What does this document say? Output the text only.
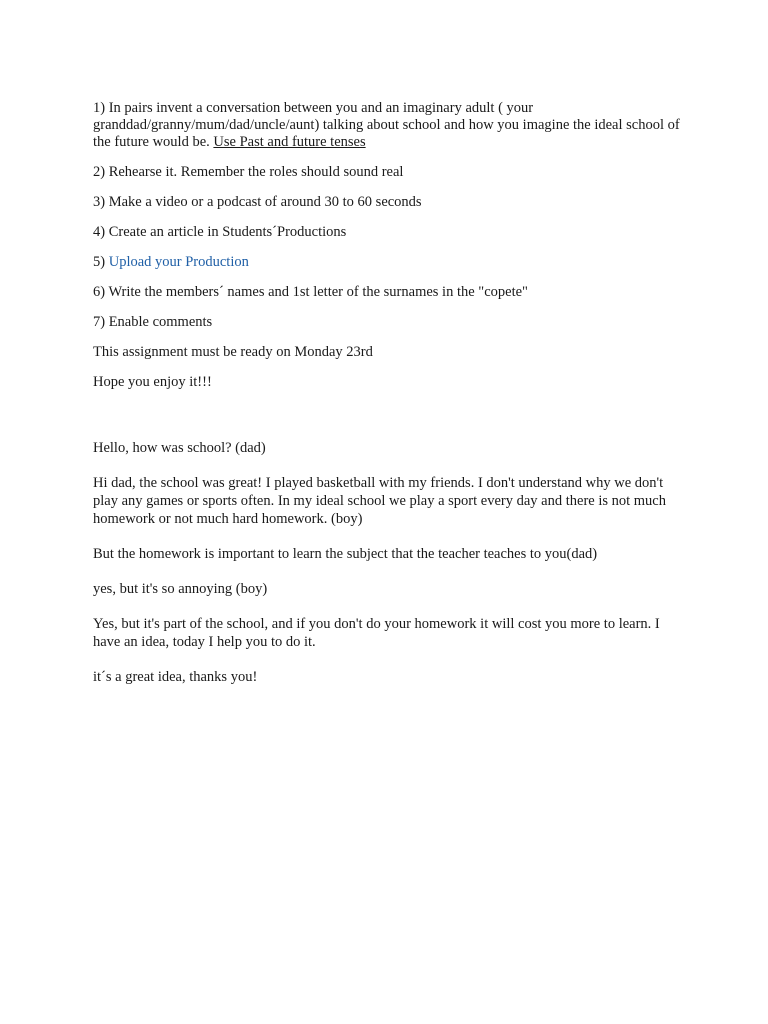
1) In pairs invent a conversation between you and an imaginary adult ( your granddad/granny/mum/dad/uncle/aunt) talking about school and how you imagine the ideal school of the future would be. Use Past and future tenses

2) Rehearse it. Remember the roles should sound real

3) Make a video or a podcast of around 30 to 60 seconds

4) Create an article in Students´Productions

5) Upload your Production

6) Write the members´ names and 1st letter of the surnames in the "copete"

7) Enable comments

This assignment must be ready on Monday 23rd

Hope you enjoy it!!!

Hello, how was school? (dad)

Hi dad, the school was great! I played basketball with my friends. I don't understand why we don't play any games or sports often. In my ideal school we play a sport every day and there is not much homework or not much hard homework. (boy)

But the homework is important to learn the subject that the teacher teaches to you(dad)

yes, but it's so annoying (boy)

Yes, but it's part of the school, and if you don't do your homework it will cost you more to learn. I have an idea, today I help you to do it.

it´s a great idea, thanks you!
